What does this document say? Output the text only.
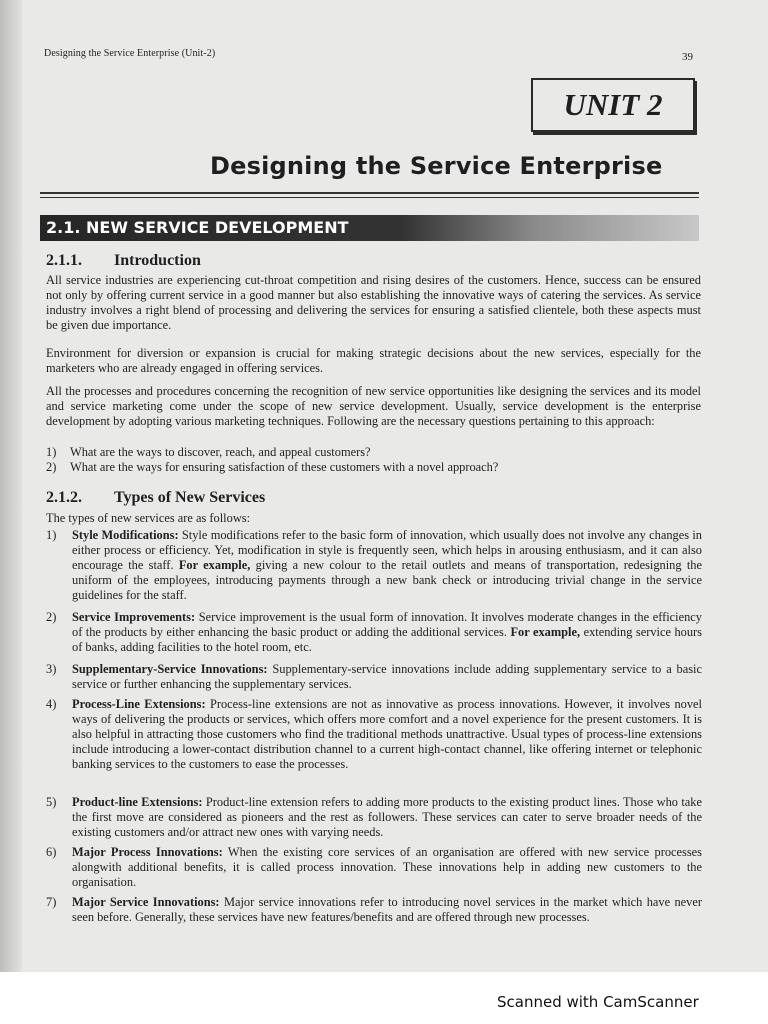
Designing the Service Enterprise (Unit-2)	39
UNIT 2
Designing the Service Enterprise
2.1. NEW SERVICE DEVELOPMENT
2.1.1. Introduction

All service industries are experiencing cut-throat competition and rising desires of the customers. Hence, success can be ensured not only by offering current service in a good manner but also establishing the innovative ways of catering the services. As service industry involves a right blend of processing and delivering the services for ensuring a satisfied clientele, both these aspects must be given due importance.

Environment for diversion or expansion is crucial for making strategic decisions about the new services, especially for the marketers who are already engaged in offering services.

All the processes and procedures concerning the recognition of new service opportunities like designing the services and its model and service marketing come under the scope of new service development. Usually, service development is the enterprise development by adopting various marketing techniques. Following are the necessary questions pertaining to this approach:

1) What are the ways to discover, reach, and appeal customers?
2) What are the ways for ensuring satisfaction of these customers with a novel approach?
2.1.2. Types of New Services
The types of new services are as follows:
1) Style Modifications: Style modifications refer to the basic form of innovation, which usually does not involve any changes in either process or efficiency. Yet, modification in style is frequently seen, which helps in arousing enthusiasm, and it can also encourage the staff. For example, giving a new colour to the retail outlets and means of transportation, redesigning the uniform of the employees, introducing payments through a new bank check or introducing trivial change in the service guidelines for the staff.
2) Service Improvements: Service improvement is the usual form of innovation. It involves moderate changes in the efficiency of the products by either enhancing the basic product or adding the additional services. For example, extending service hours of banks, adding facilities to the hotel room, etc.
3) Supplementary-Service Innovations: Supplementary-service innovations include adding supplementary service to a basic service or further enhancing the supplementary services.
4) Process-Line Extensions: Process-line extensions are not as innovative as process innovations. However, it involves novel ways of delivering the products or services, which offers more comfort and a novel experience for the present customers. It is also helpful in attracting those customers who find the traditional methods unattractive. Usual types of process-line extensions include introducing a lower-contact distribution channel to a current high-contact channel, like offering internet or telephonic banking services to the customers to ease the processes.
5) Product-line Extensions: Product-line extension refers to adding more products to the existing product lines. Those who take the first move are considered as pioneers and the rest as followers. These services can cater to serve broader needs of the existing customers and/or attract new ones with varying needs.
6) Major Process Innovations: When the existing core services of an organisation are offered with new service processes alongwith additional benefits, it is called process innovation. These innovations help in adding new customers to the organisation.
7) Major Service Innovations: Major service innovations refer to introducing novel services in the market which have never seen before. Generally, these services have new features/benefits and are offered through new processes.
Scanned with CamScanner
